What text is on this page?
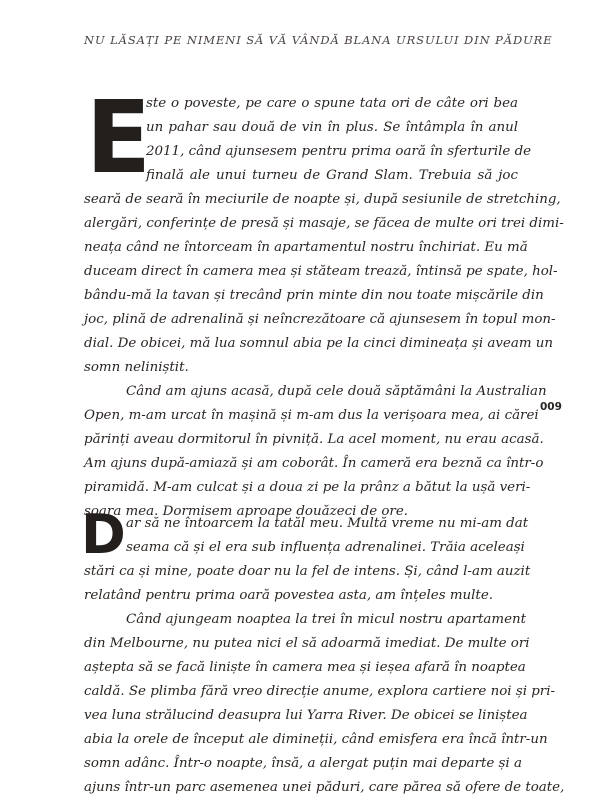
NU LĂSAȚI PE NIMENI SĂ VĂ VÂNDĂ BLANA URSULUI DIN PĂDURE
E
ste o poveste, pe care o spune tata ori de câte ori bea
un pahar sau două de vin în plus. Se întâmpla în anul
2011, când ajunsesem pentru prima oară în sferturile de
finală ale unui turneu de Grand Slam. Trebuia să joc
seară de seară în meciurile de noapte și, după sesiunile de stretching,
alergări, conferințe de presă și masaje, se făcea de multe ori trei dimi-
neața când ne întorceam în apartamentul nostru închiriat. Eu mă
duceam direct în camera mea și stăteam trează, întinsă pe spate, hol-
bându-mă la tavan și trecând prin minte din nou toate mișcările din
joc, plină de adrenalină și neîncrezătoare că ajunsesem în topul mon-
dial. De obicei, mă lua somnul abia pe la cinci dimineața și aveam un
somn neliniștit.
Când am ajuns acasă, după cele două săptămâni la Australian
Open, m-am urcat în mașină și m-am dus la verișoara mea, ai cărei
părinți aveau dormitorul în pivniță. La acel moment, nu erau acasă.
Am ajuns după-amiază și am coborât. În cameră era beznă ca într-o
piramidă. M-am culcat și a doua zi pe la prânz a bătut la ușă veri-
șoara mea. Dormisem aproape douăzeci de ore.
009
D ar să ne întoarcem la tatăl meu. Multă vreme nu mi-am dat
seama că și el era sub influența adrenalinei. Trăia aceleași
stări ca și mine, poate doar nu la fel de intens. Și, când l-am auzit
relatând pentru prima oară povestea asta, am înțeles multe.
Când ajungeam noaptea la trei în micul nostru apartament
din Melbourne, nu putea nici el să adoarmă imediat. De multe ori
aștepta să se facă liniște în camera mea și ieșea afară în noaptea
caldă. Se plimba fără vreo direcție anume, explora cartiere noi și pri-
vea luna strălucind deasupra lui Yarra River. De obicei se liniștea
abia la orele de început ale dimineții, când emisfera era încă într-un
somn adânc. Într-o noapte, însă, a alergat puțin mai departe și a
ajuns într-un parc asemenea unei păduri, care părea să ofere de toate,
